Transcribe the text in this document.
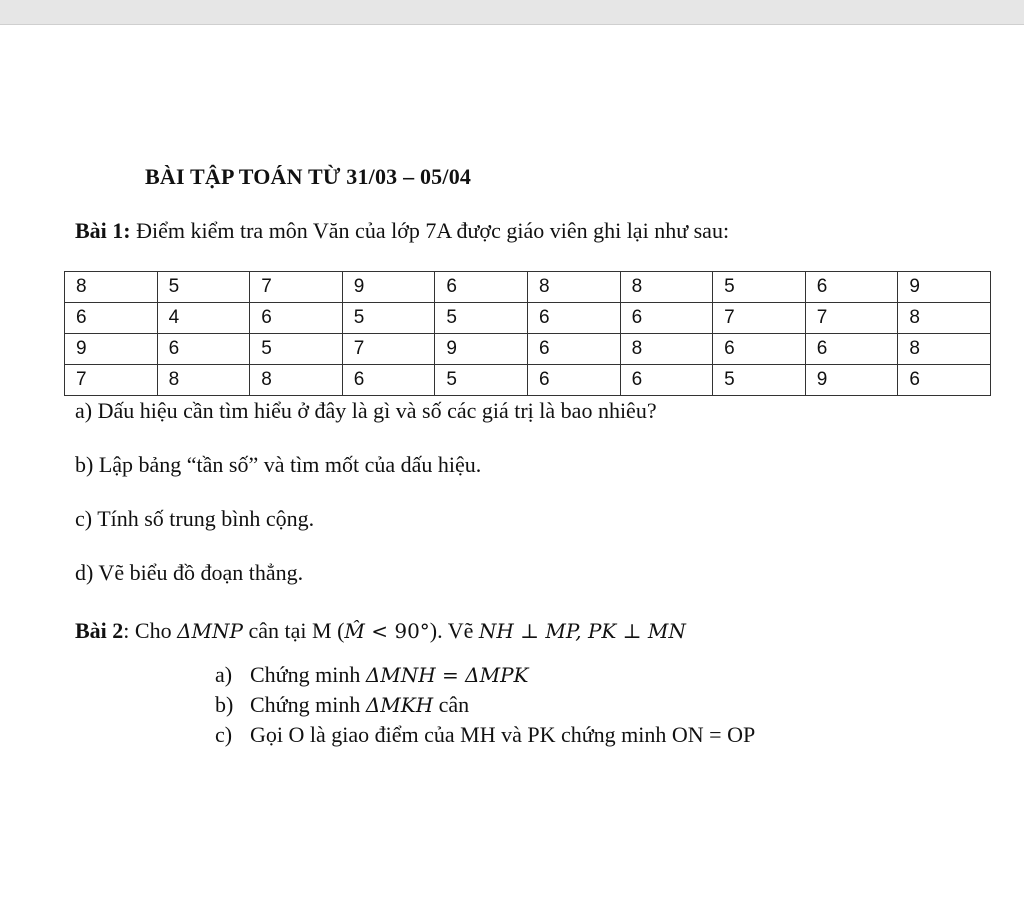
BÀI TẬP TOÁN TỪ 31/03 – 05/04
Bài 1: Điểm kiểm tra môn Văn của lớp 7A được giáo viên ghi lại như sau:
8	5	7	9	6	8	8	5	6	9
6	4	6	5	5	6	6	7	7	8
9	6	5	7	9	6	8	6	6	8
7	8	8	6	5	6	6	5	9	6
a) Dấu hiệu cần tìm hiểu ở đây là gì và số các giá trị là bao nhiêu?
b) Lập bảng “tần số” và tìm mốt của dấu hiệu.
c) Tính số trung bình cộng.
d) Vẽ biểu đồ đoạn thẳng.
Bài 2: Cho ΔMNP cân tại M (M̂ < 90°). Vẽ NH ⊥ MP, PK ⊥ MN
a) Chứng minh ΔMNH = ΔMPK
b) Chứng minh ΔMKH cân
c) Gọi O là giao điểm của MH và PK chứng minh ON = OP
